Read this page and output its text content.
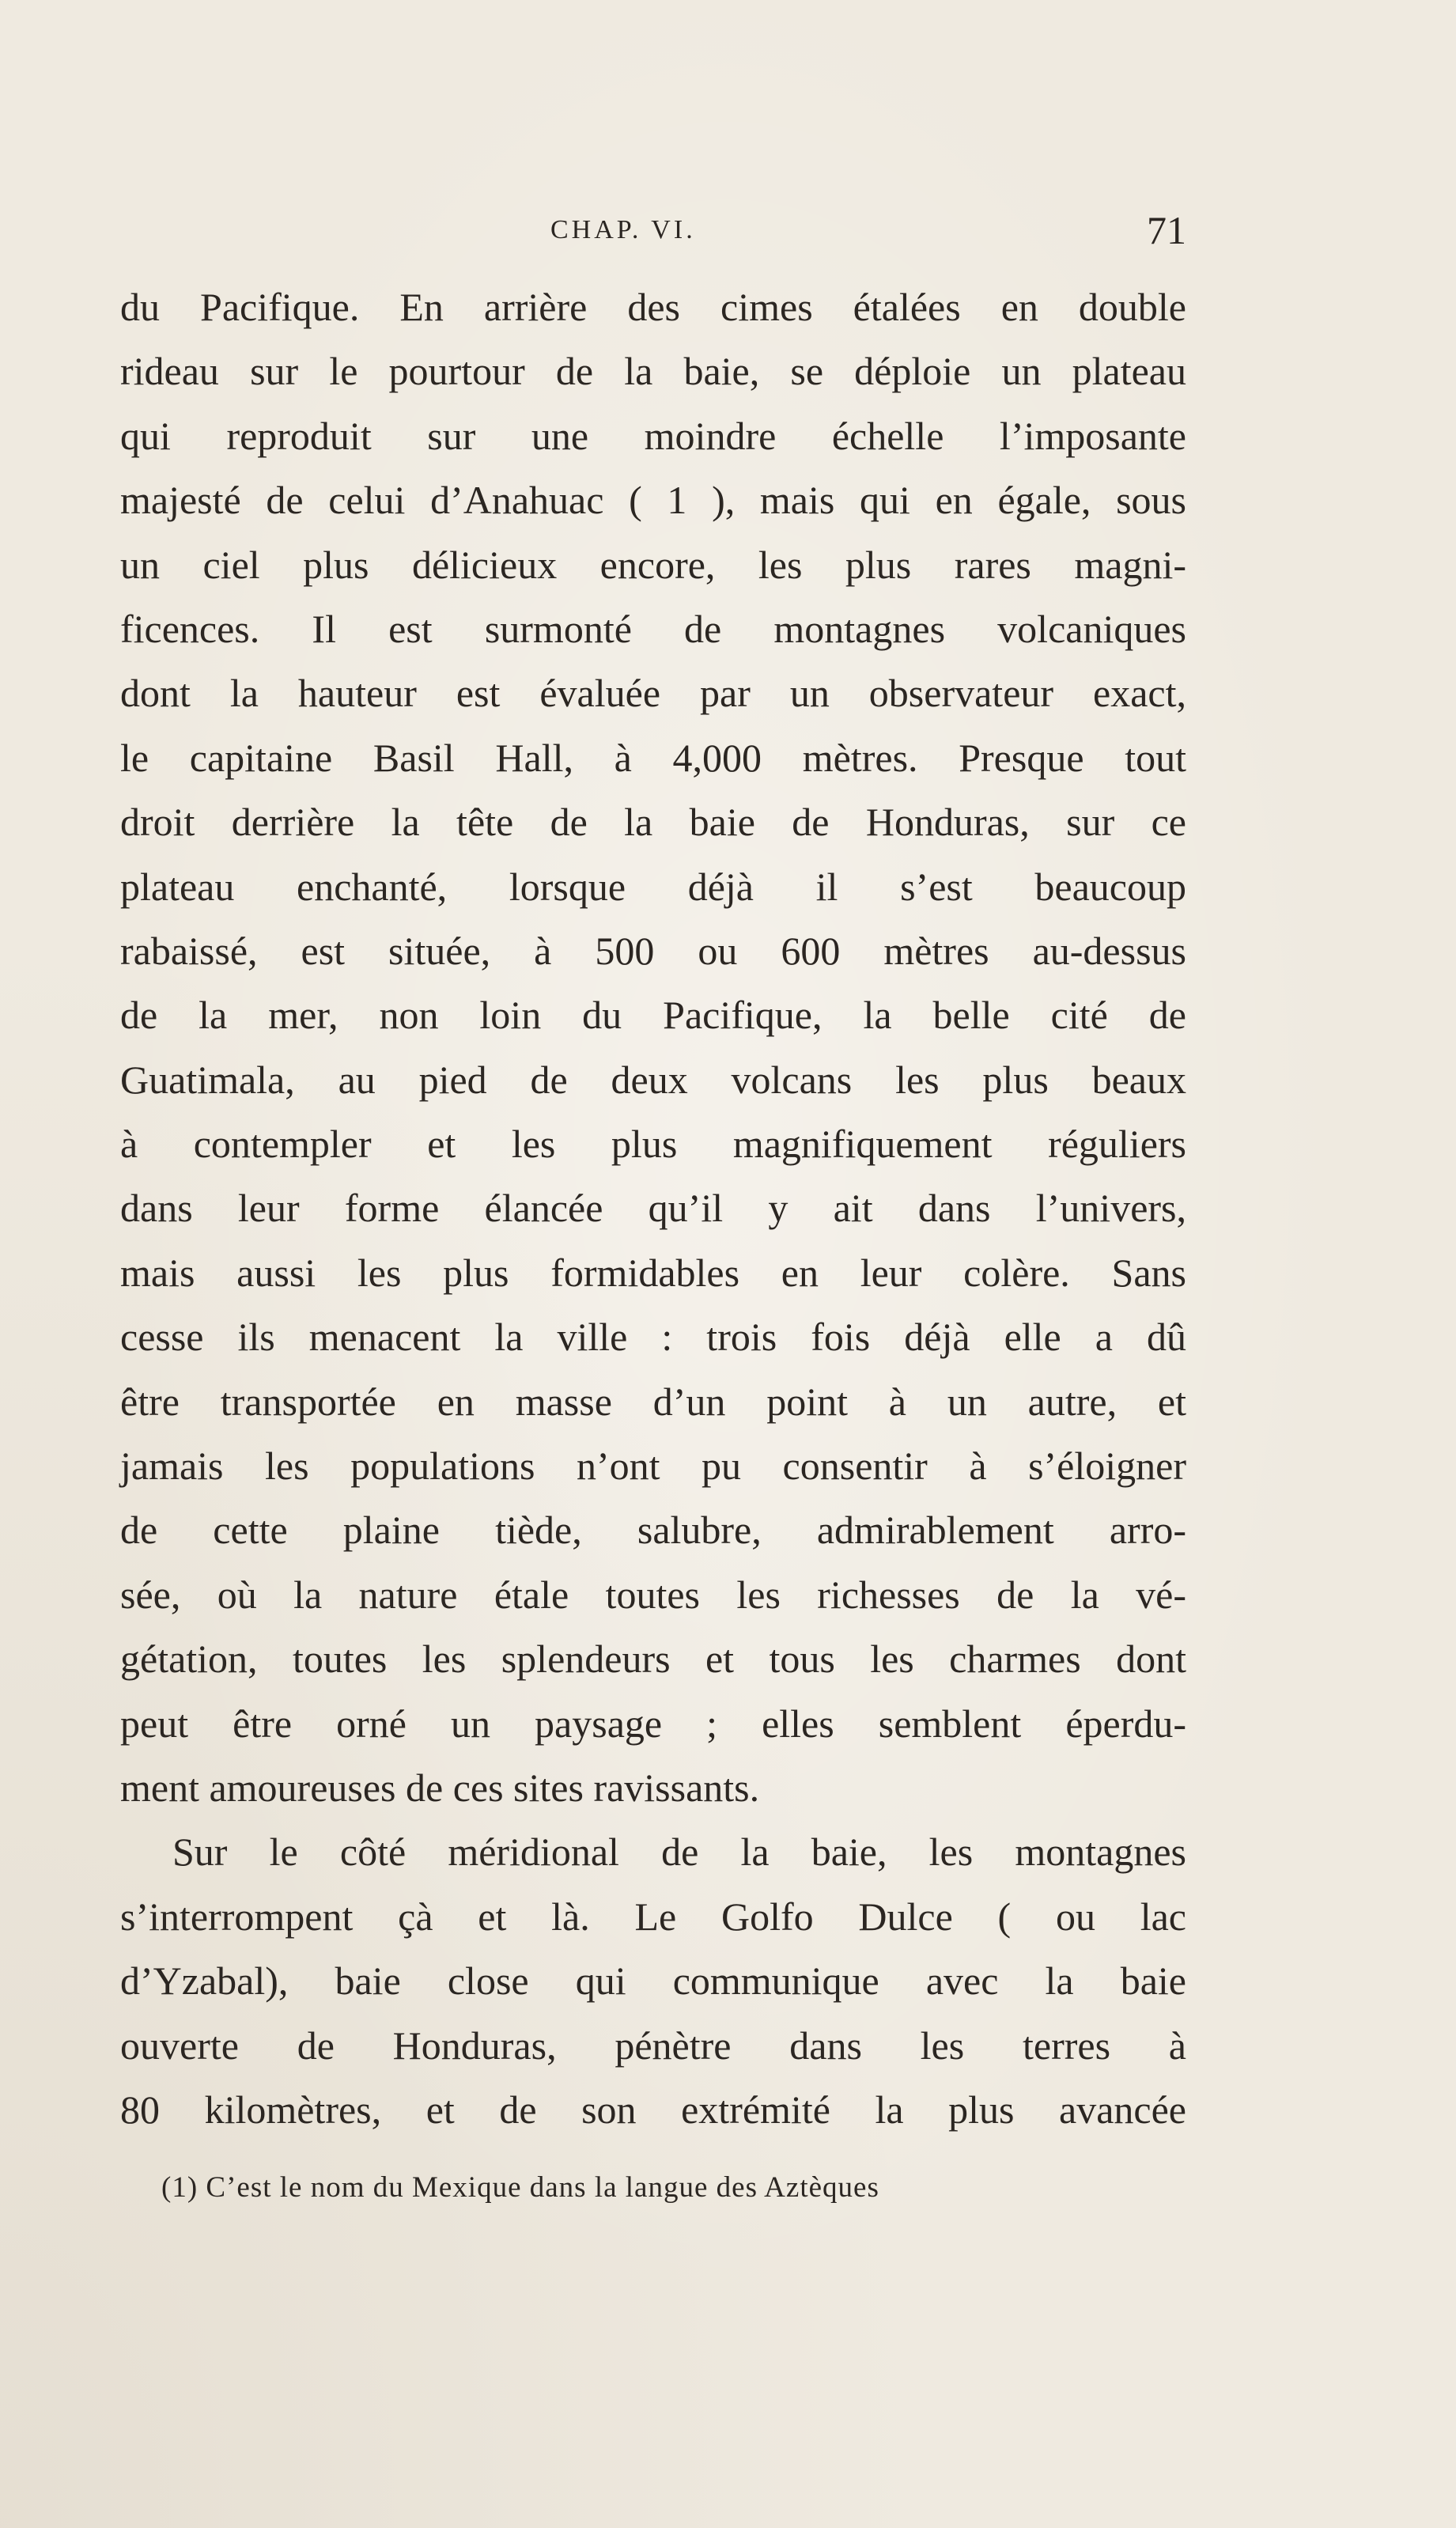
CHAP. VI.	71
du Pacifique. En arrière des cimes étalées en double
rideau sur le pourtour de la baie, se déploie un plateau
qui reproduit sur une moindre échelle l’imposante
majesté de celui d’Anahuac ( 1 ), mais qui en égale, sous
un ciel plus délicieux encore, les plus rares magni-
ficences. Il est surmonté de montagnes volcaniques
dont la hauteur est évaluée par un observateur exact,
le capitaine Basil Hall, à 4,000 mètres. Presque tout
droit derrière la tête de la baie de Honduras, sur ce
plateau enchanté, lorsque déjà il s’est beaucoup
rabaissé, est située, à 500 ou 600 mètres au-dessus
de la mer, non loin du Pacifique, la belle cité de
Guatimala, au pied de deux volcans les plus beaux
à contempler et les plus magnifiquement réguliers
dans leur forme élancée qu’il y ait dans l’univers,
mais aussi les plus formidables en leur colère. Sans
cesse ils menacent la ville : trois fois déjà elle a dû
être transportée en masse d’un point à un autre, et
jamais les populations n’ont pu consentir à s’éloigner
de cette plaine tiède, salubre, admirablement arro-
sée, où la nature étale toutes les richesses de la vé-
gétation, toutes les splendeurs et tous les charmes dont
peut être orné un paysage ; elles semblent éperdu-
ment amoureuses de ces sites ravissants.
Sur le côté méridional de la baie, les montagnes
s’interrompent çà et là. Le Golfo Dulce ( ou lac
d’Yzabal), baie close qui communique avec la baie
ouverte de Honduras, pénètre dans les terres à
80 kilomètres, et de son extrémité la plus avancée
(1) C’est le nom du Mexique dans la langue des Aztèques
